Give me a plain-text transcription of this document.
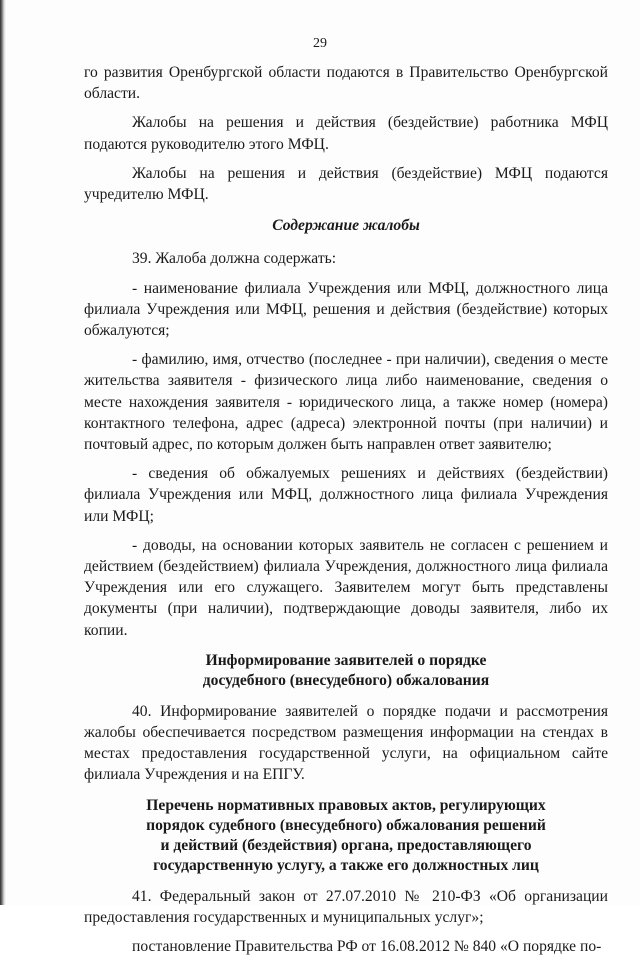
29

го развития Оренбургской области подаются в Правительство Оренбургской области.

Жалобы на решения и действия (бездействие) работника МФЦ подаются руководителю этого МФЦ.

Жалобы на решения и действия (бездействие) МФЦ подаются учредителю МФЦ.

Содержание жалобы

39. Жалоба должна содержать:

- наименование филиала Учреждения или МФЦ, должностного лица филиала Учреждения или МФЦ, решения и действия (бездействие) которых обжалуются;

- фамилию, имя, отчество (последнее - при наличии), сведения о месте жительства заявителя - физического лица либо наименование, сведения о месте нахождения заявителя - юридического лица, а также номер (номера) контактного телефона, адрес (адреса) электронной почты (при наличии) и почтовый адрес, по которым должен быть направлен ответ заявителю;

- сведения об обжалуемых решениях и действиях (бездействии) филиала Учреждения или МФЦ, должностного лица филиала Учреждения или МФЦ;

- доводы, на основании которых заявитель не согласен с решением и действием (бездействием) филиала Учреждения, должностного лица филиала Учреждения или его служащего. Заявителем могут быть представлены документы (при наличии), подтверждающие доводы заявителя, либо их копии.

Информирование заявителей о порядке
досудебного (внесудебного) обжалования

40. Информирование заявителей о порядке подачи и рассмотрения жалобы обеспечивается посредством размещения информации на стендах в местах предоставления государственной услуги, на официальном сайте филиала Учреждения и на ЕПГУ.

Перечень нормативных правовых актов, регулирующих
порядок судебного (внесудебного) обжалования решений
и действий (бездействия) органа, предоставляющего
государственную услугу, а также его должностных лиц

41. Федеральный закон от 27.07.2010 № 210-ФЗ «Об организации предоставления государственных и муниципальных услуг»;

постановление Правительства РФ от 16.08.2012 № 840 «О порядке по-
